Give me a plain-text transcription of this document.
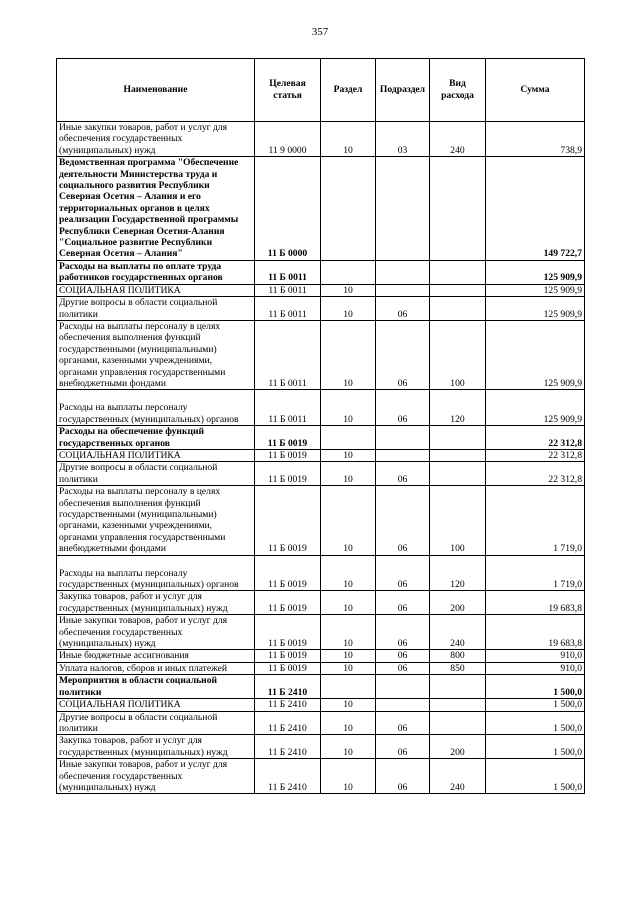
357
Наименование	Целевая статья	Раздел	Подраздел	Вид расхода	Сумма
Иные закупки товаров, работ и услуг для обеспечения государственных (муниципальных) нужд	11 9 0000	10	03	240	738,9
Ведомственная программа "Обеспечение деятельности Министерства труда и социального развития Республики Северная Осетия – Алания и его территориальных органов в целях реализации Государственной программы Республики Северная Осетия-Алания "Социальное развитие Республики Северная Осетия – Алания"	11 Б 0000				149 722,7
Расходы на выплаты по оплате труда работников государственных органов	11 Б 0011				125 909,9
СОЦИАЛЬНАЯ ПОЛИТИКА	11 Б 0011	10			125 909,9
Другие вопросы в области социальной политики	11 Б 0011	10	06		125 909,9
Расходы на выплаты персоналу в целях обеспечения выполнения функций государственными (муниципальными) органами, казенными учреждениями, органами управления государственными внебюджетными фондами	11 Б 0011	10	06	100	125 909,9
Расходы на выплаты персоналу государственных (муниципальных) органов	11 Б 0011	10	06	120	125 909,9
Расходы на обеспечение функций государственных органов	11 Б 0019				22 312,8
СОЦИАЛЬНАЯ ПОЛИТИКА	11 Б 0019	10			22 312,8
Другие вопросы в области социальной политики	11 Б 0019	10	06		22 312,8
Расходы на выплаты персоналу в целях обеспечения выполнения функций государственными (муниципальными) органами, казенными учреждениями, органами управления государственными внебюджетными фондами	11 Б 0019	10	06	100	1 719,0
Расходы на выплаты персоналу государственных (муниципальных) органов	11 Б 0019	10	06	120	1 719,0
Закупка товаров, работ и услуг для государственных (муниципальных) нужд	11 Б 0019	10	06	200	19 683,8
Иные закупки товаров, работ и услуг для обеспечения государственных (муниципальных) нужд	11 Б 0019	10	06	240	19 683,8
Иные бюджетные ассигнования	11 Б 0019	10	06	800	910,0
Уплата налогов, сборов и иных платежей	11 Б 0019	10	06	850	910,0
Мероприятия в области социальной политики	11 Б 2410				1 500,0
СОЦИАЛЬНАЯ ПОЛИТИКА	11 Б 2410	10			1 500,0
Другие вопросы в области социальной политики	11 Б 2410	10	06		1 500,0
Закупка товаров, работ и услуг для государственных (муниципальных) нужд	11 Б 2410	10	06	200	1 500,0
Иные закупки товаров, работ и услуг для обеспечения государственных (муниципальных) нужд	11 Б 2410	10	06	240	1 500,0
